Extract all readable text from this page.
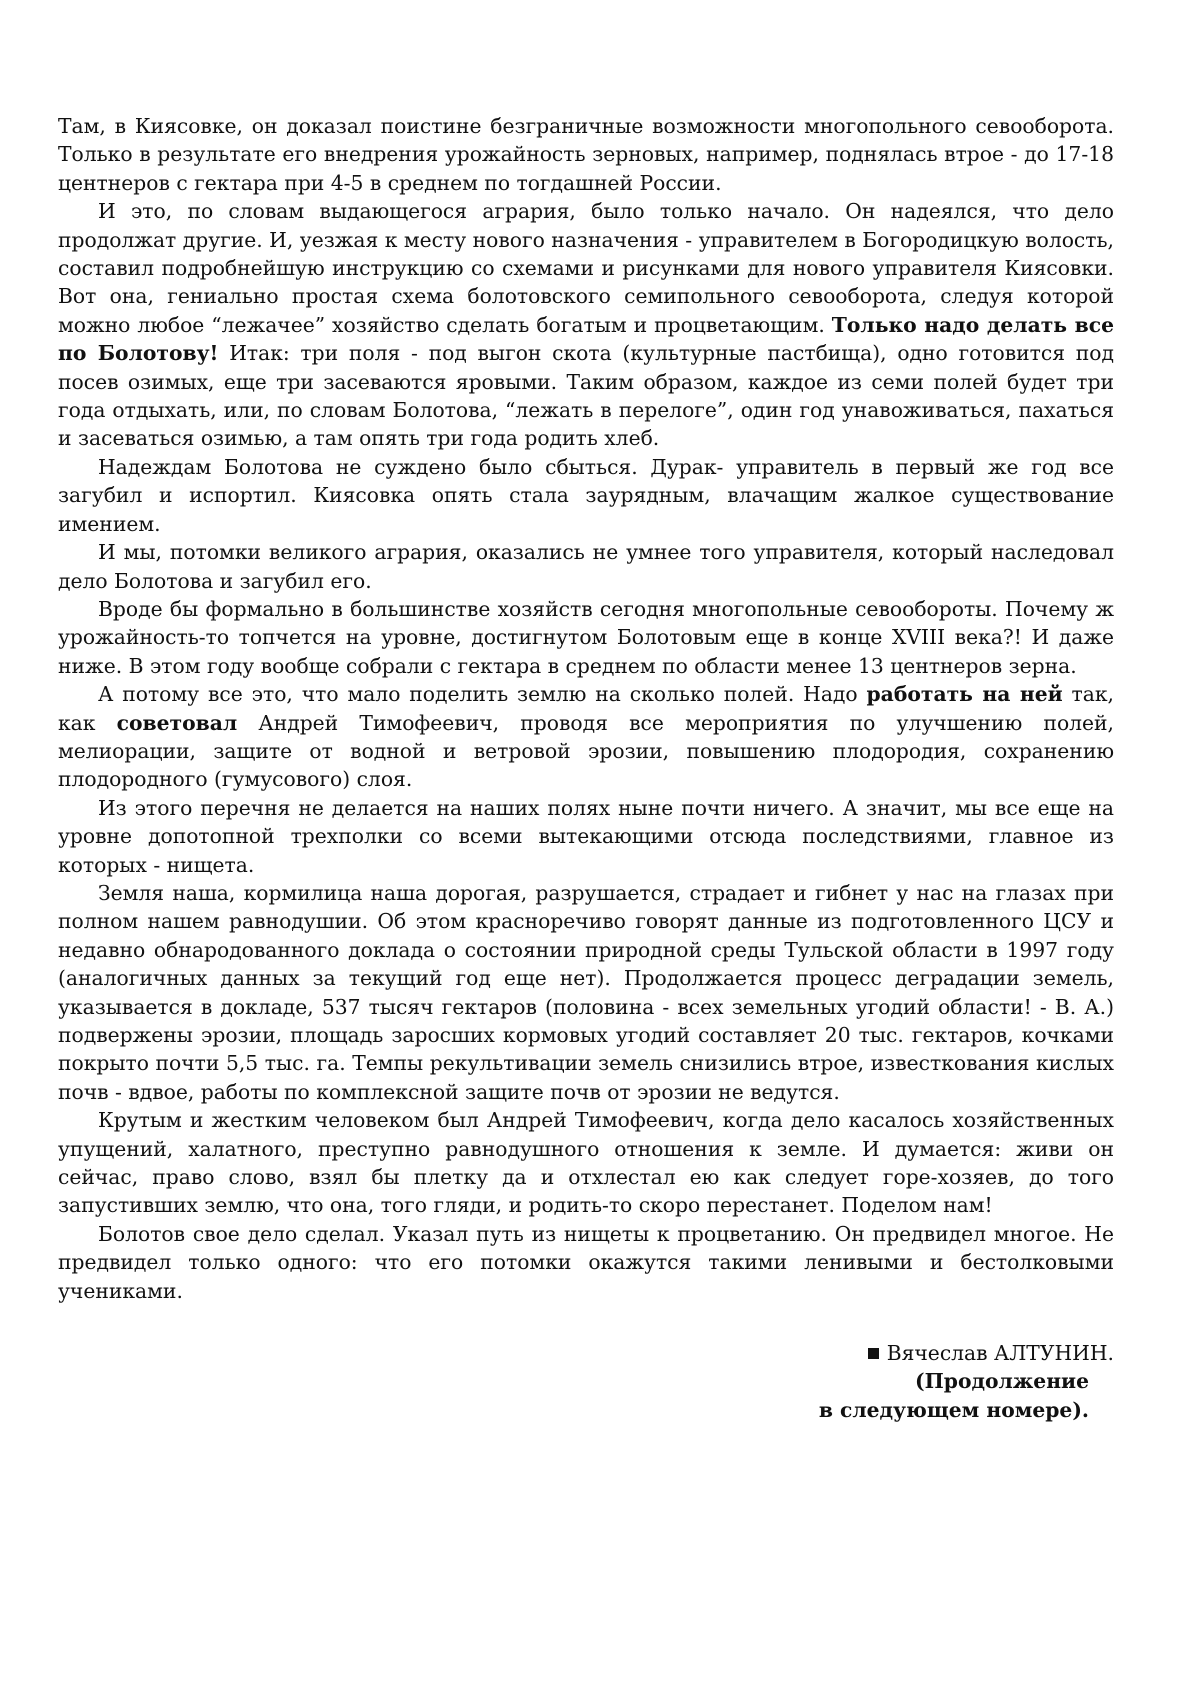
Там, в Киясовке, он доказал поистине безграничные возможности многопольного севооборота. Только в результате его внедрения урожайность зерновых, например, поднялась втрое - до 17-18 центнеров с гектара при 4-5 в среднем по тогдашней России.

И это, по словам выдающегося агрария, было только начало. Он надеялся, что дело продолжат другие. И, уезжая к месту нового назначения - управителем в Богородицкую волость, составил подробнейшую инструкцию со схемами и рисунками для нового управителя Киясовки. Вот она, гениально простая схема болотовского семипольного севооборота, следуя которой можно любое “лежачее” хозяйство сделать богатым и процветающим. Только надо делать все по Болотову! Итак: три поля - под выгон скота (культурные пастбища), одно готовится под посев озимых, еще три засеваются яровыми. Таким образом, каждое из семи полей будет три года отдыхать, или, по словам Болотова, “лежать в перелоге”, один год унавоживаться, пахаться и засеваться озимью, а там опять три года родить хлеб.

Надеждам Болотова не суждено было сбыться. Дурак- управитель в первый же год все загубил и испортил. Киясовка опять стала заурядным, влачащим жалкое существование имением.

И мы, потомки великого агрария, оказались не умнее того управителя, который наследовал дело Болотова и загубил его.

Вроде бы формально в большинстве хозяйств сегодня многопольные севообороты. Почему ж урожайность-то топчется на уровне, достигнутом Болотовым еще в конце XVIII века?! И даже ниже. В этом году вообще собрали с гектара в среднем по области менее 13 центнеров зерна.

А потому все это, что мало поделить землю на сколько полей. Надо работать на ней так, как советовал Андрей Тимофеевич, проводя все мероприятия по улучшению полей, мелиорации, защите от водной и ветровой эрозии, повышению плодородия, сохранению плодородного (гумусового) слоя.

Из этого перечня не делается на наших полях ныне почти ничего. А значит, мы все еще на уровне допотопной трехполки со всеми вытекающими отсюда последствиями, главное из которых - нищета.

Земля наша, кормилица наша дорогая, разрушается, страдает и гибнет у нас на глазах при полном нашем равнодушии. Об этом красноречиво говорят данные из подготовленного ЦСУ и недавно обнародованного доклада о состоянии природной среды Тульской области в 1997 году (аналогичных данных за текущий год еще нет). Продолжается процесс деградации земель, указывается в докладе, 537 тысяч гектаров (половина - всех земельных угодий области! - В. А.) подвержены эрозии, площадь заросших кормовых угодий составляет 20 тыс. гектаров, кочками покрыто почти 5,5 тыс. га. Темпы рекультивации земель снизились втрое, известкования кислых почв - вдвое, работы по комплексной защите почв от эрозии не ведутся.

Крутым и жестким человеком был Андрей Тимофеевич, когда дело касалось хозяйственных упущений, халатного, преступно равнодушного отношения к земле. И думается: живи он сейчас, право слово, взял бы плетку да и отхлестал ею как следует горе-хозяев, до того запустивших землю, что она, того гляди, и родить-то скоро перестанет. Поделом нам!

Болотов свое дело сделал. Указал путь из нищеты к процветанию. Он предвидел многое. Не предвидел только одного: что его потомки окажутся такими ленивыми и бестолковыми учениками.

Вячеслав АЛТУНИН.
(Продолжение
в следующем номере).
